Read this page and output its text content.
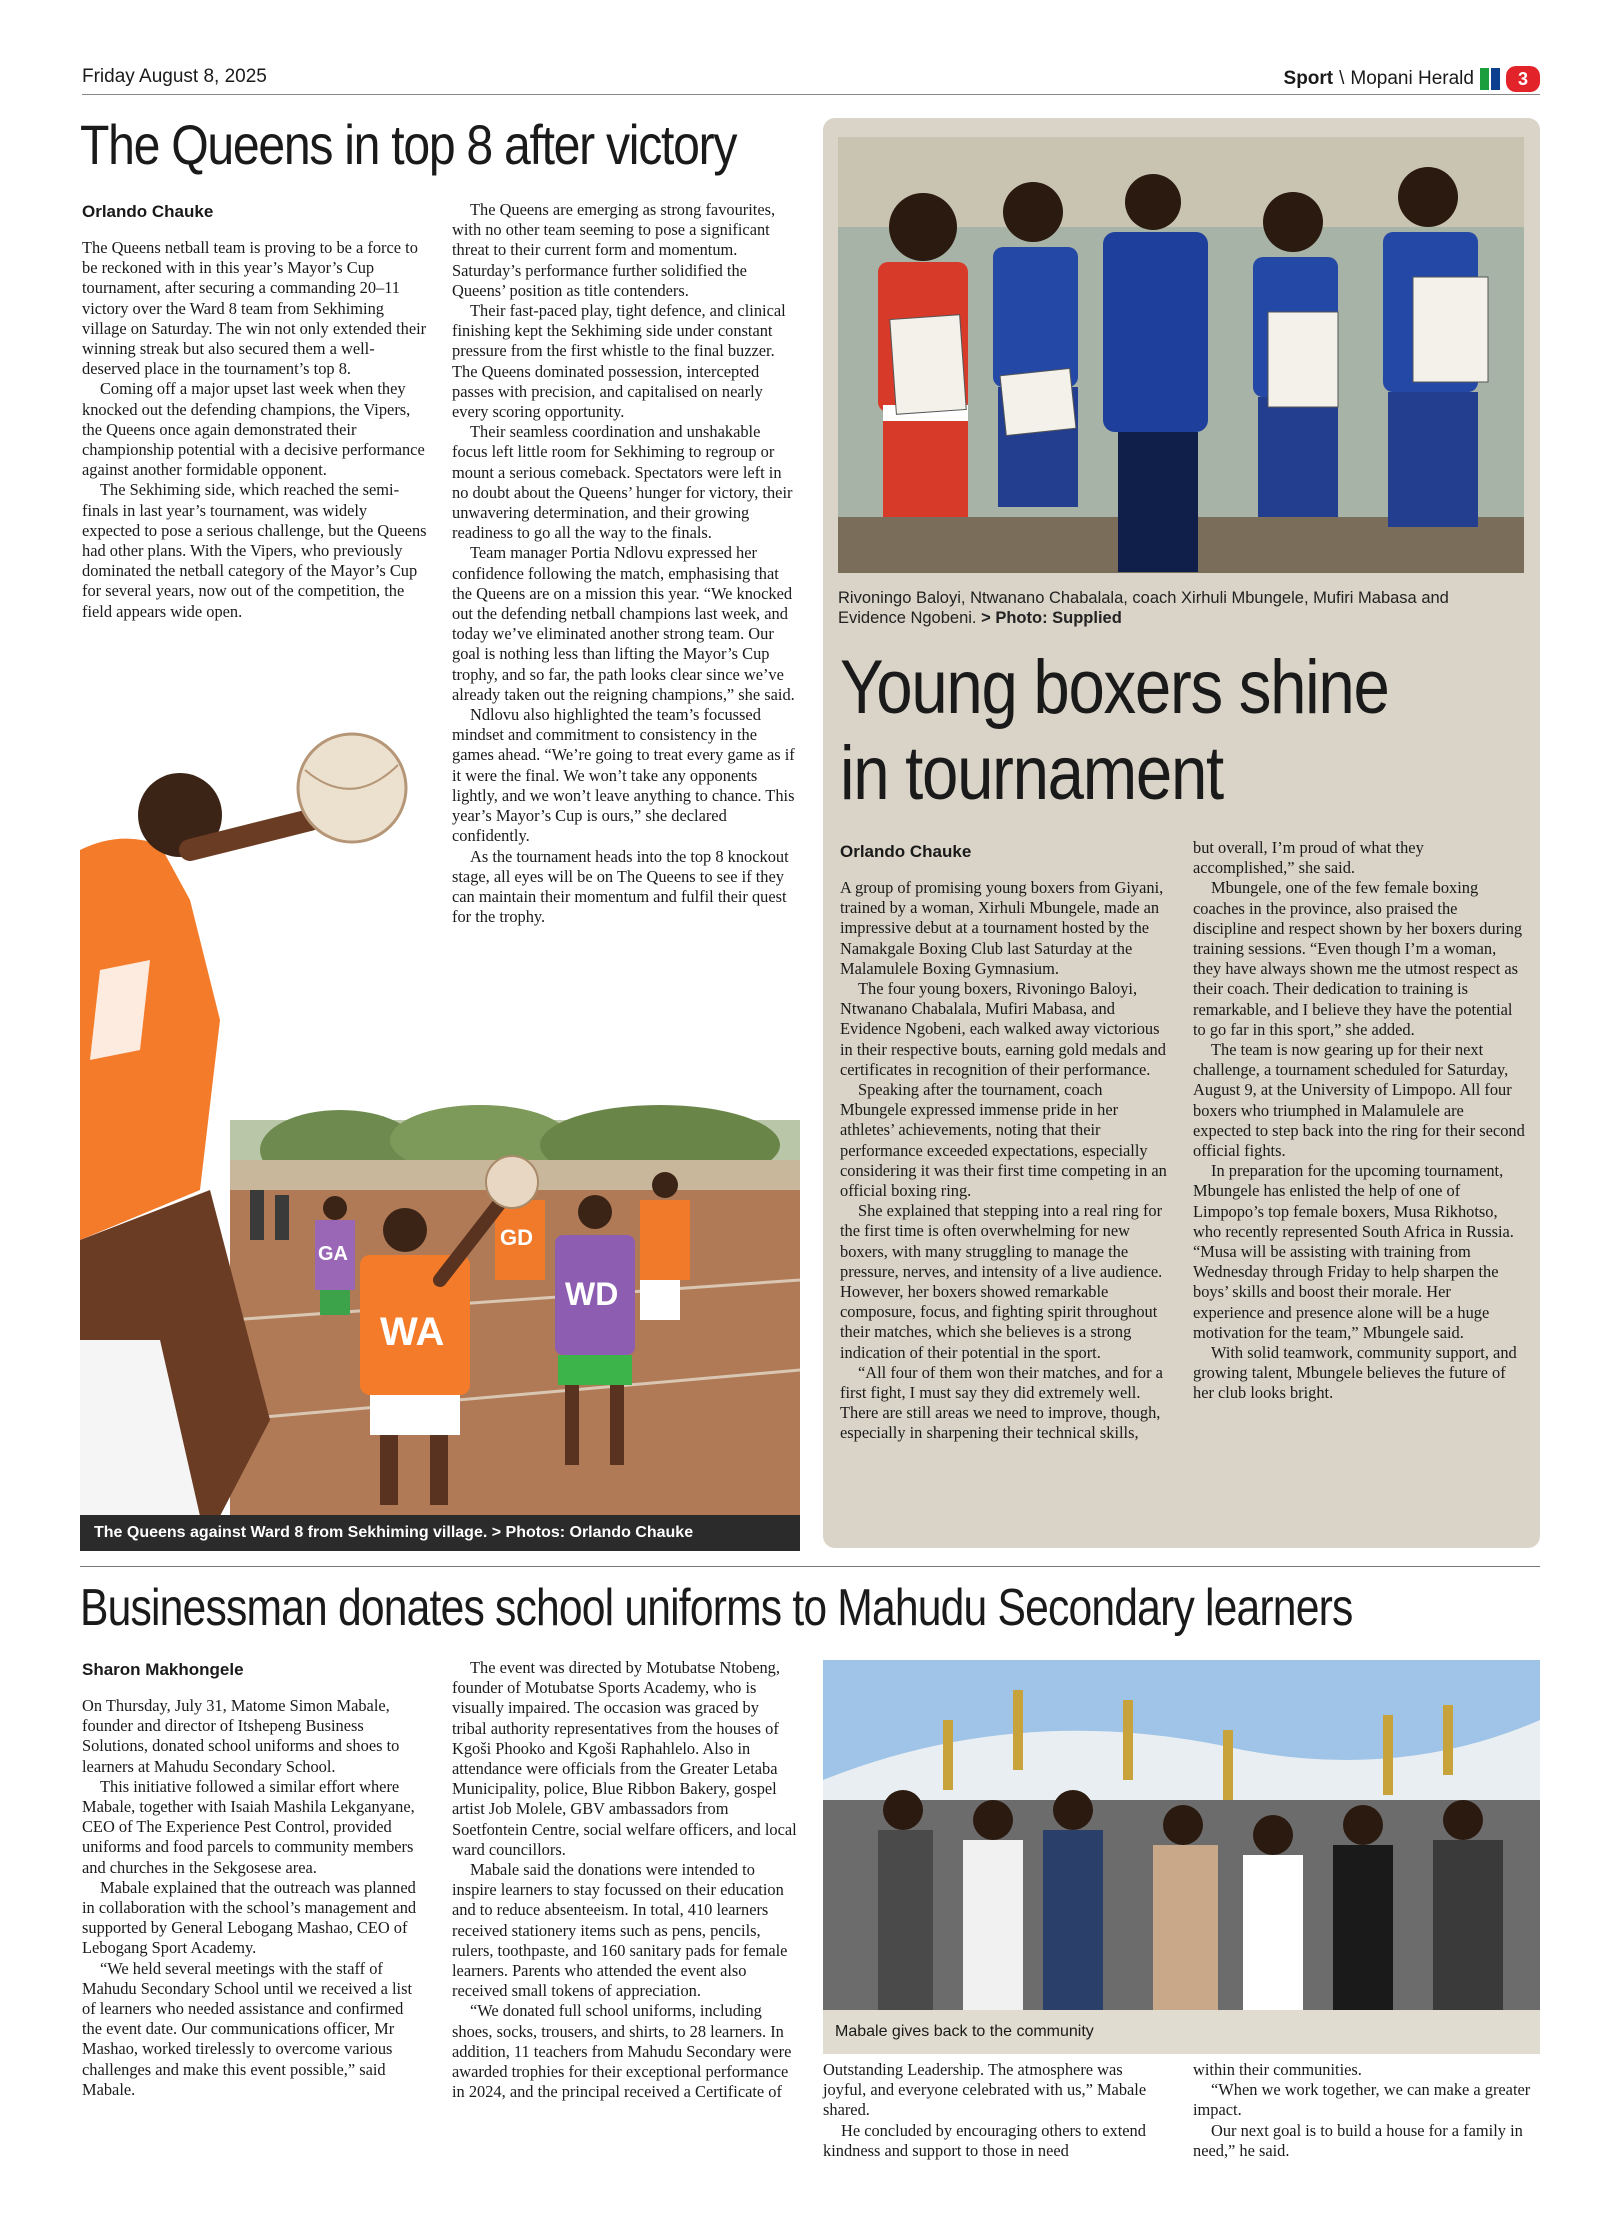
Friday August 8, 2025	Sport \ Mopani Herald	3
The Queens in top 8 after victory
Orlando Chauke

The Queens netball team is proving to be a force to be reckoned with in this year’s Mayor’s Cup tournament, after securing a commanding 20–11 victory over the Ward 8 team from Sekhiming village on Saturday. The win not only extended their winning streak but also secured them a well-deserved place in the tournament’s top 8.

Coming off a major upset last week when they knocked out the defending champions, the Vipers, the Queens once again demonstrated their championship potential with a decisive performance against another formidable opponent.

The Sekhiming side, which reached the semi-finals in last year’s tournament, was widely expected to pose a serious challenge, but the Queens had other plans. With the Vipers, who previously dominated the netball category of the Mayor’s Cup for several years, now out of the competition, the field appears wide open.

The Queens are emerging as strong favourites, with no other team seeming to pose a significant threat to their current form and momentum. Saturday’s performance further solidified the Queens’ position as title contenders.

Their fast-paced play, tight defence, and clinical finishing kept the Sekhiming side under constant pressure from the first whistle to the final buzzer. The Queens dominated possession, intercepted passes with precision, and capitalised on nearly every scoring opportunity.

Their seamless coordination and unshakable focus left little room for Sekhiming to regroup or mount a serious comeback. Spectators were left in no doubt about the Queens’ hunger for victory, their unwavering determination, and their growing readiness to go all the way to the finals.

Team manager Portia Ndlovu expressed her confidence following the match, emphasising that the Queens are on a mission this year. “We knocked out the defending netball champions last week, and today we’ve eliminated another strong team. Our goal is nothing less than lifting the Mayor’s Cup trophy, and so far, the path looks clear since we’ve already taken out the reigning champions,” she said.

Ndlovu also highlighted the team’s focussed mindset and commitment to consistency in the games ahead. “We’re going to treat every game as if it were the final. We won’t take any opponents lightly, and we won’t leave anything to chance. This year’s Mayor’s Cup is ours,” she declared confidently.

As the tournament heads into the top 8 knockout stage, all eyes will be on The Queens to see if they can maintain their momentum and fulfil their quest for the trophy.

WA
WD
GA
GD
The Queens against Ward 8 from Sekhiming village. > Photos: Orlando Chauke
Rivoningo Baloyi, Ntwanano Chabalala, coach Xirhuli Mbungele, Mufiri Mabasa and Evidence Ngobeni. > Photo: Supplied
Young boxers shine in tournament
Orlando Chauke

A group of promising young boxers from Giyani, trained by a woman, Xirhuli Mbungele, made an impressive debut at a tournament hosted by the Namakgale Boxing Club last Saturday at the Malamulele Boxing Gymnasium.

The four young boxers, Rivoningo Baloyi, Ntwanano Chabalala, Mufiri Mabasa, and Evidence Ngobeni, each walked away victorious in their respective bouts, earning gold medals and certificates in recognition of their performance.

Speaking after the tournament, coach Mbungele expressed immense pride in her athletes’ achievements, noting that their performance exceeded expectations, especially considering it was their first time competing in an official boxing ring.

She explained that stepping into a real ring for the first time is often overwhelming for new boxers, with many struggling to manage the pressure, nerves, and intensity of a live audience. However, her boxers showed remarkable composure, focus, and fighting spirit throughout their matches, which she believes is a strong indication of their potential in the sport.

“All four of them won their matches, and for a first fight, I must say they did extremely well. There are still areas we need to improve, though, especially in sharpening their technical skills,

but overall, I’m proud of what they accomplished,” she said.

Mbungele, one of the few female boxing coaches in the province, also praised the discipline and respect shown by her boxers during training sessions. “Even though I’m a woman, they have always shown me the utmost respect as their coach. Their dedication to training is remarkable, and I believe they have the potential to go far in this sport,” she added.

The team is now gearing up for their next challenge, a tournament scheduled for Saturday, August 9, at the University of Limpopo. All four boxers who triumphed in Malamulele are expected to step back into the ring for their second official fights.

In preparation for the upcoming tournament, Mbungele has enlisted the help of one of Limpopo’s top female boxers, Musa Rikhotso, who recently represented South Africa in Russia. “Musa will be assisting with training from Wednesday through Friday to help sharpen the boys’ skills and boost their morale. Her experience and presence alone will be a huge motivation for the team,” Mbungele said.

With solid teamwork, community support, and growing talent, Mbungele believes the future of her club looks bright.

Businessman donates school uniforms to Mahudu Secondary learners
Sharon Makhongele

On Thursday, July 31, Matome Simon Mabale, founder and director of Itshepeng Business Solutions, donated school uniforms and shoes to learners at Mahudu Secondary School.

This initiative followed a similar effort where Mabale, together with Isaiah Mashila Lekganyane, CEO of The Experience Pest Control, provided uniforms and food parcels to community members and churches in the Sekgosese area.

Mabale explained that the outreach was planned in collaboration with the school’s management and supported by General Lebogang Mashao, CEO of Lebogang Sport Academy.

“We held several meetings with the staff of Mahudu Secondary School until we received a list of learners who needed assistance and confirmed the event date. Our communications officer, Mr Mashao, worked tirelessly to overcome various challenges and make this event possible,” said Mabale.

The event was directed by Motubatse Ntobeng, founder of Motubatse Sports Academy, who is visually impaired. The occasion was graced by tribal authority representatives from the houses of Kgoši Phooko and Kgoši Raphahlelo. Also in attendance were officials from the Greater Letaba Municipality, police, Blue Ribbon Bakery, gospel artist Job Molele, GBV ambassadors from Soetfontein Centre, social welfare officers, and local ward councillors.

Mabale said the donations were intended to inspire learners to stay focussed on their education and to reduce absenteeism. In total, 410 learners received stationery items such as pens, pencils, rulers, toothpaste, and 160 sanitary pads for female learners. Parents who attended the event also received small tokens of appreciation.

“We donated full school uniforms, including shoes, socks, trousers, and shirts, to 28 learners. In addition, 11 teachers from Mahudu Secondary were awarded trophies for their exceptional performance in 2024, and the principal received a Certificate of

Mabale gives back to the community

Outstanding Leadership. The atmosphere was joyful, and everyone celebrated with us,” Mabale shared.

He concluded by encouraging others to extend kindness and support to those in need

within their communities.

“When we work together, we can make a greater impact.

Our next goal is to build a house for a family in need,” he said.
